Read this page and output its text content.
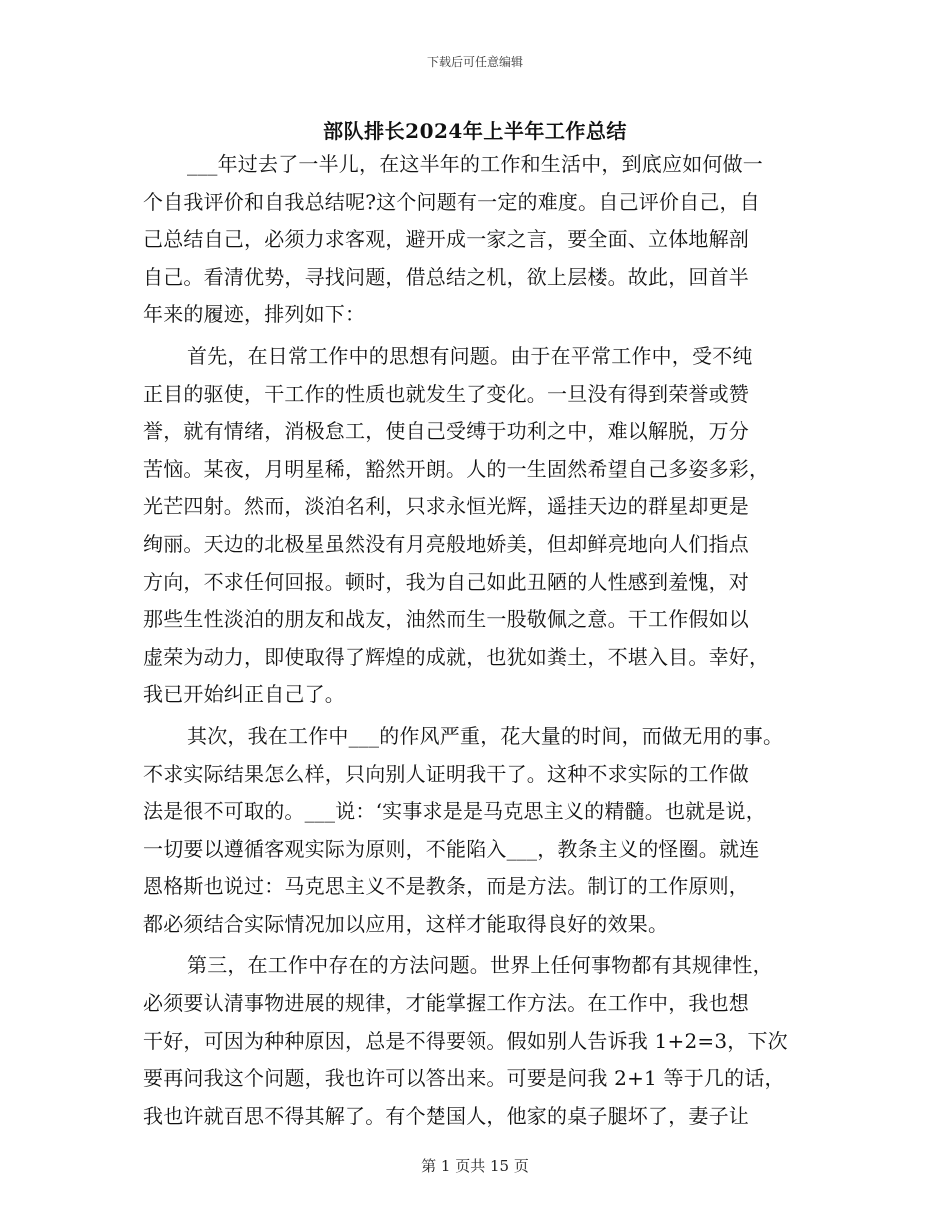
下载后可任意编辑
部队排长2024年上半年工作总结
___年过去了一半儿，在这半年的工作和生活中，到底应如何做一
个自我评价和自我总结呢?这个问题有一定的难度。自己评价自己，自
己总结自己，必须力求客观，避开成一家之言，要全面、立体地解剖
自己。看清优势，寻找问题，借总结之机，欲上层楼。故此，回首半
年来的履迹，排列如下：
首先，在日常工作中的思想有问题。由于在平常工作中，受不纯
正目的驱使，干工作的性质也就发生了变化。一旦没有得到荣誉或赞
誉，就有情绪，消极怠工，使自己受缚于功利之中，难以解脱，万分
苦恼。某夜，月明星稀，豁然开朗。人的一生固然希望自己多姿多彩，
光芒四射。然而，淡泊名利，只求永恒光辉，遥挂天边的群星却更是
绚丽。天边的北极星虽然没有月亮般地娇美，但却鲜亮地向人们指点
方向，不求任何回报。顿时，我为自己如此丑陋的人性感到羞愧，对
那些生性淡泊的朋友和战友，油然而生一股敬佩之意。干工作假如以
虚荣为动力，即使取得了辉煌的成就，也犹如粪土，不堪入目。幸好，
我已开始纠正自己了。
其次，我在工作中___的作风严重，花大量的时间，而做无用的事。
不求实际结果怎么样，只向别人证明我干了。这种不求实际的工作做
法是很不可取的。___说：‘实事求是是马克思主义的精髓。也就是说，
一切要以遵循客观实际为原则，不能陷入___，教条主义的怪圈。就连
恩格斯也说过：马克思主义不是教条，而是方法。制订的工作原则，
都必须结合实际情况加以应用，这样才能取得良好的效果。
第三，在工作中存在的方法问题。世界上任何事物都有其规律性，
必须要认清事物进展的规律，才能掌握工作方法。在工作中，我也想
干好，可因为种种原因，总是不得要领。假如别人告诉我 1+2=3，下次
要再问我这个问题，我也许可以答出来。可要是问我 2+1 等于几的话，
我也许就百思不得其解了。有个楚国人，他家的桌子腿坏了，妻子让
第 1 页共 15 页
